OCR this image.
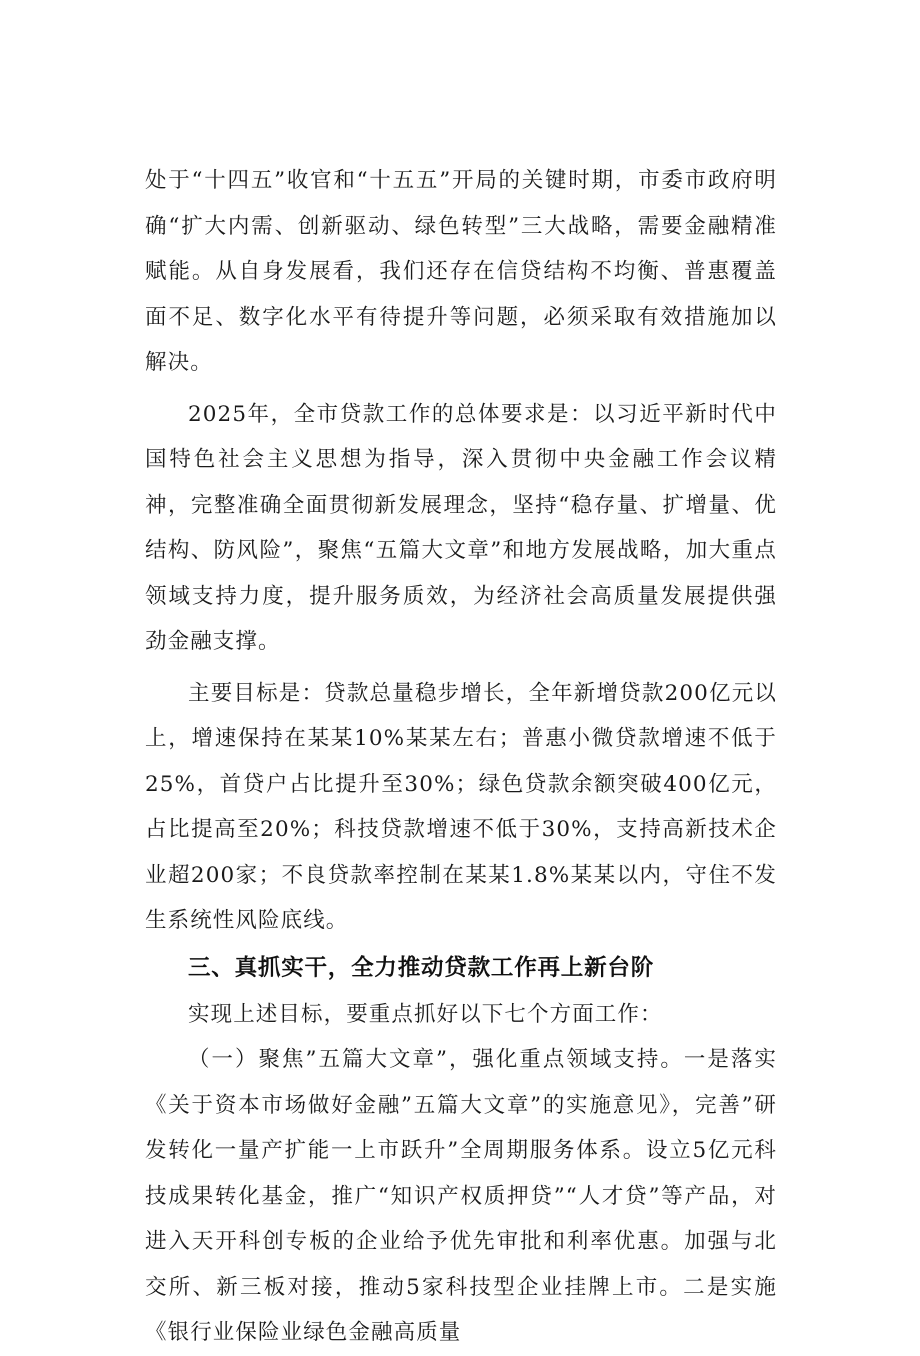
处于“十四五”收官和“十五五”开局的关键时期，市委市政府明确“扩大内需、创新驱动、绿色转型”三大战略，需要金融精准赋能。从自身发展看，我们还存在信贷结构不均衡、普惠覆盖面不足、数字化水平有待提升等问题，必须采取有效措施加以解决。

2025年，全市贷款工作的总体要求是：以习近平新时代中国特色社会主义思想为指导，深入贯彻中央金融工作会议精神，完整准确全面贯彻新发展理念，坚持“稳存量、扩增量、优结构、防风险”，聚焦“五篇大文章”和地方发展战略，加大重点领域支持力度，提升服务质效，为经济社会高质量发展提供强劲金融支撑。

主要目标是：贷款总量稳步增长，全年新增贷款200亿元以上，增速保持在某某10%某某左右；普惠小微贷款增速不低于25%，首贷户占比提升至30%；绿色贷款余额突破400亿元，占比提高至20%；科技贷款增速不低于30%，支持高新技术企业超200家；不良贷款率控制在某某1.8%某某以内，守住不发生系统性风险底线。

三、真抓实干，全力推动贷款工作再上新台阶

实现上述目标，要重点抓好以下七个方面工作：

（一）聚焦”五篇大文章”，强化重点领域支持。一是落实《关于资本市场做好金融”五篇大文章”的实施意见》，完善”研发转化一量产扩能一上市跃升”全周期服务体系。设立5亿元科技成果转化基金，推广“知识产权质押贷”“人才贷”等产品，对进入天开科创专板的企业给予优先审批和利率优惠。加强与北交所、新三板对接，推动5家科技型企业挂牌上市。二是实施《银行业保险业绿色金融高质量
